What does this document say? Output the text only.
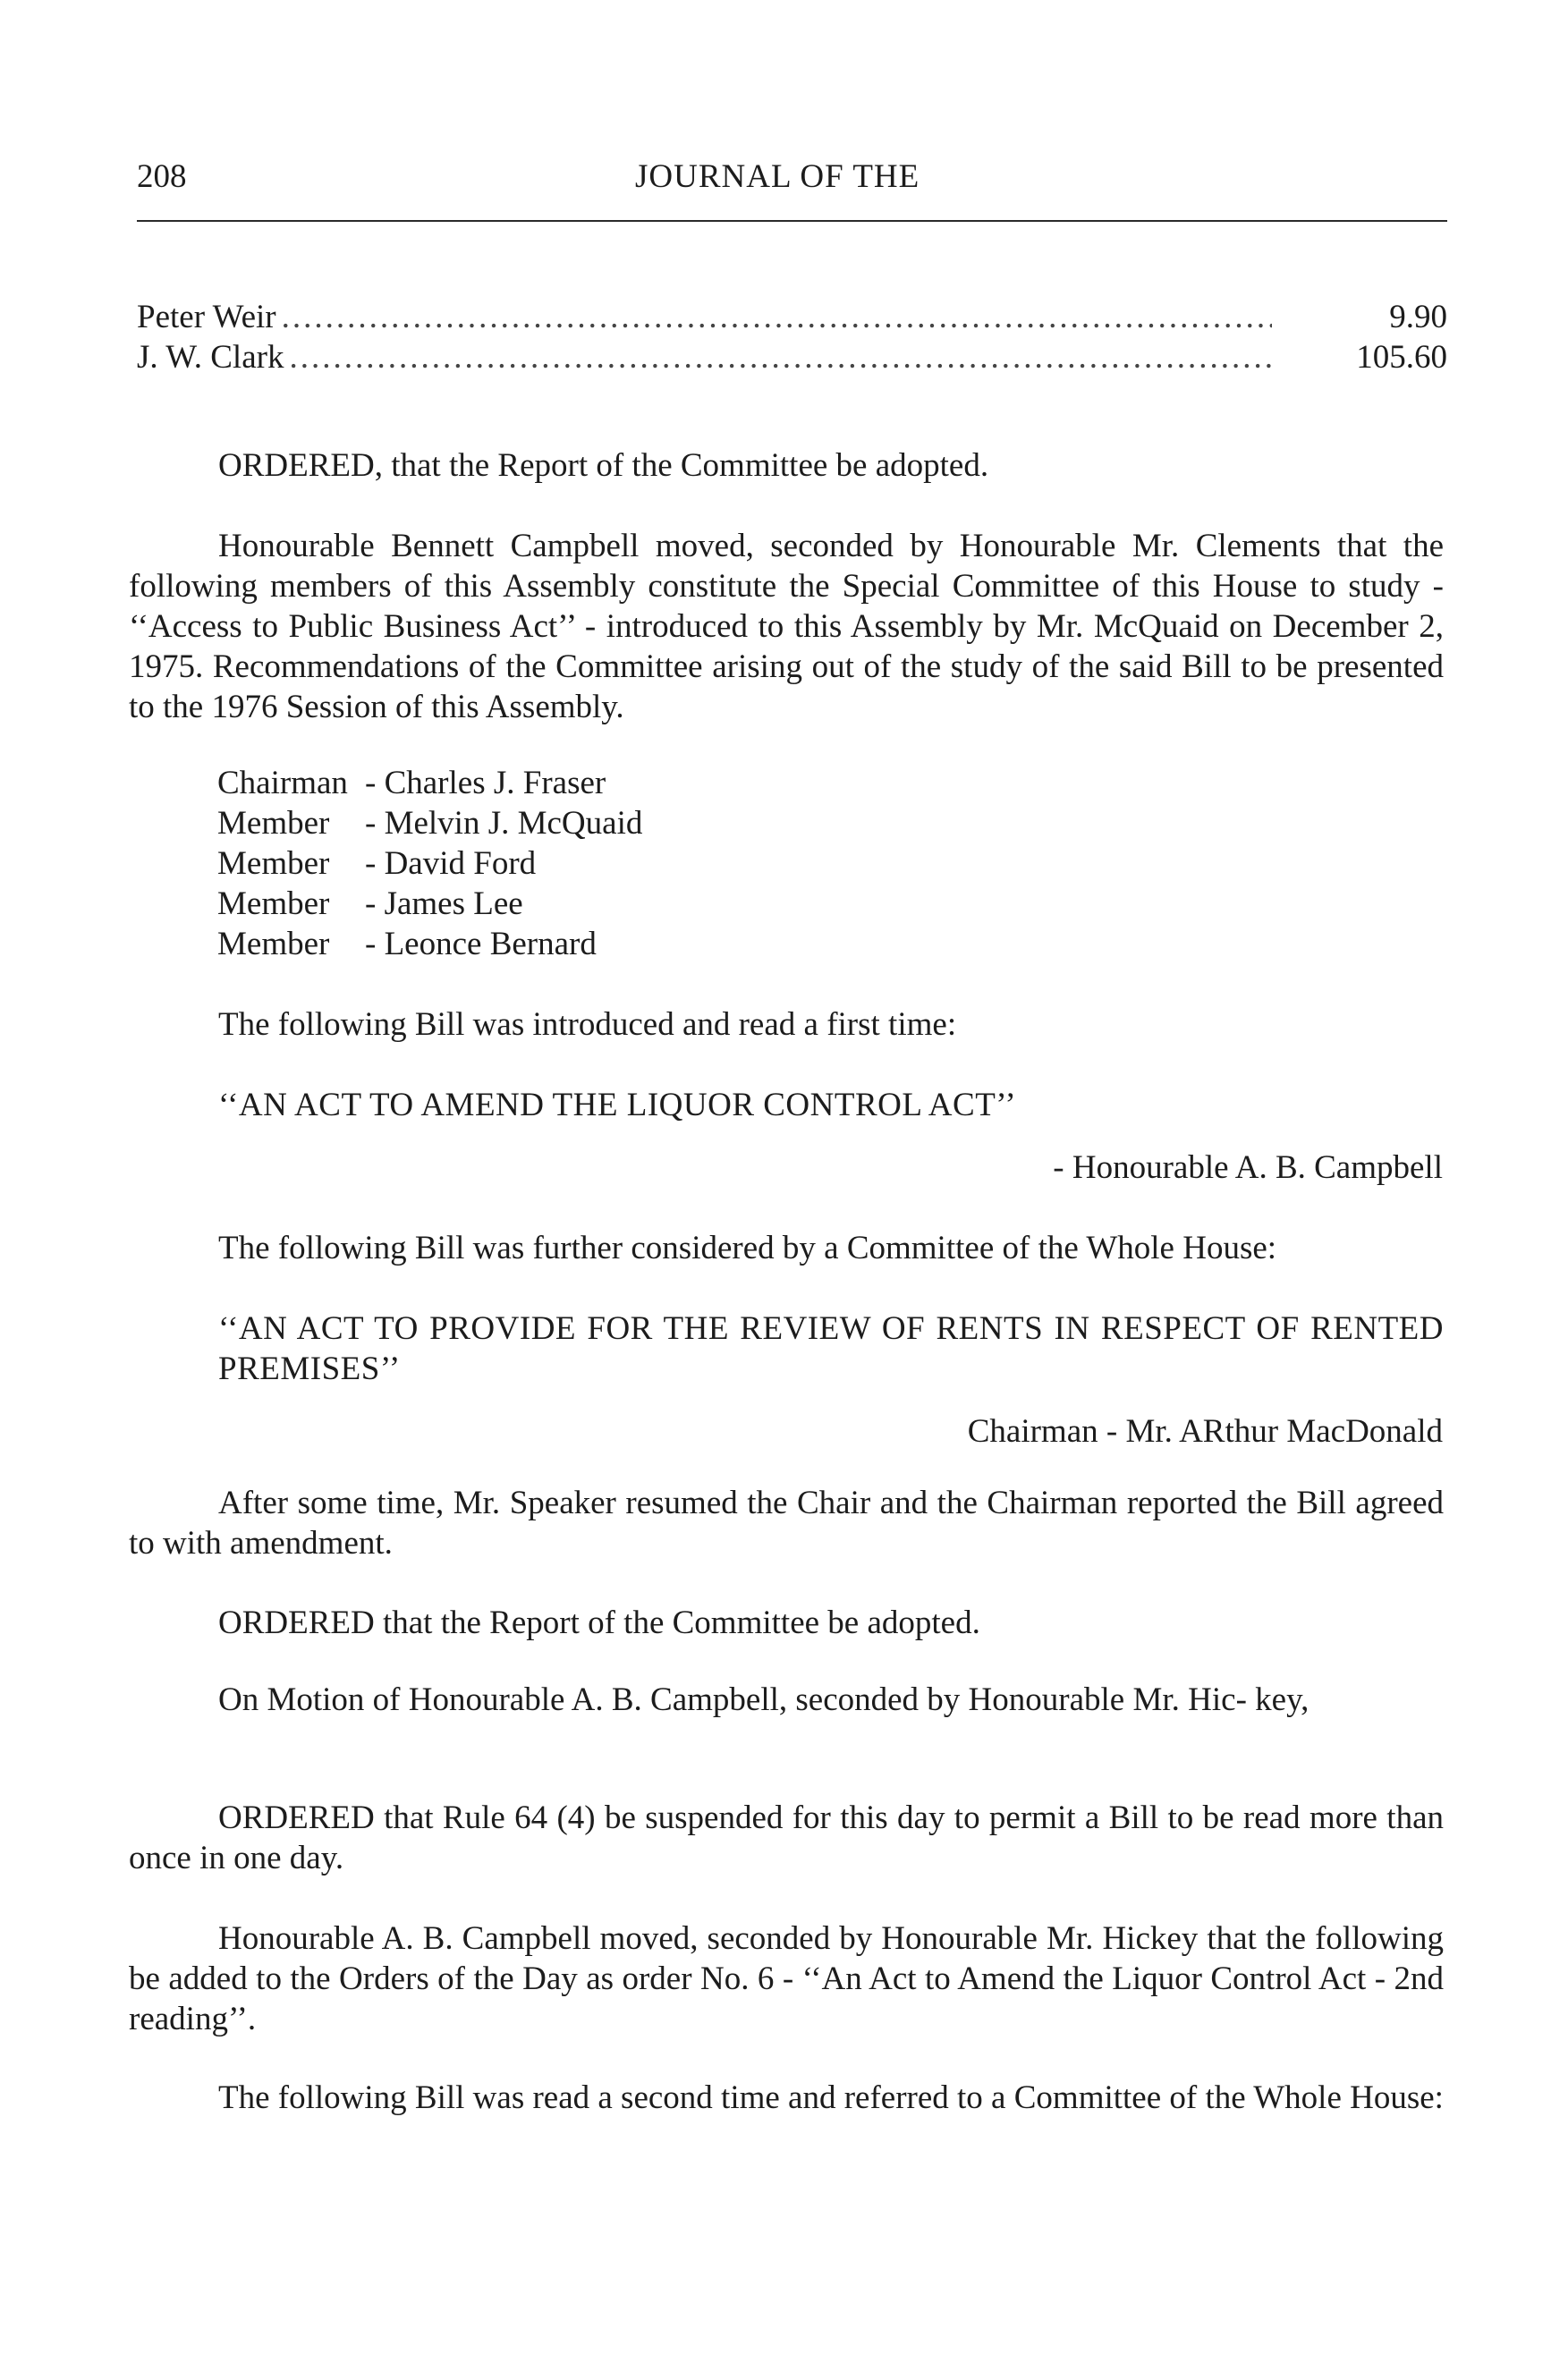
208	JOURNAL OF THE
Peter Weir .....	9.90
J. W. Clark .....	105.60

ORDERED, that the Report of the Committee be adopted.

Honourable Bennett Campbell moved, seconded by Honourable Mr. Clements that the following members of this Assembly constitute the Special Committee of this House to study - ‘‘Access to Public Business Act’’ - introduced to this Assembly by Mr. McQuaid on December 2, 1975. Recommendations of the Committee arising out of the study of the said Bill to be presented to the 1976 Session of this Assembly.

Chairman - Charles J. Fraser
Member - Melvin J. McQuaid
Member - David Ford
Member - James Lee
Member - Leonce Bernard

The following Bill was introduced and read a first time:

‘‘AN ACT TO AMEND THE LIQUOR CONTROL ACT’’

- Honourable A. B. Campbell

The following Bill was further considered by a Committee of the Whole House:

‘‘AN ACT TO PROVIDE FOR THE REVIEW OF RENTS IN RESPECT OF RENTED PREMISES’’

Chairman - Mr. ARthur MacDonald

After some time, Mr. Speaker resumed the Chair and the Chairman reported the Bill agreed to with amendment.

ORDERED that the Report of the Committee be adopted.

On Motion of Honourable A. B. Campbell, seconded by Honourable Mr. Hic- key,

ORDERED that Rule 64 (4) be suspended for this day to permit a Bill to be read more than once in one day.

Honourable A. B. Campbell moved, seconded by Honourable Mr. Hickey that the following be added to the Orders of the Day as order No. 6 - ‘‘An Act to Amend the Liquor Control Act - 2nd reading’’.

The following Bill was read a second time and referred to a Committee of the Whole House:
